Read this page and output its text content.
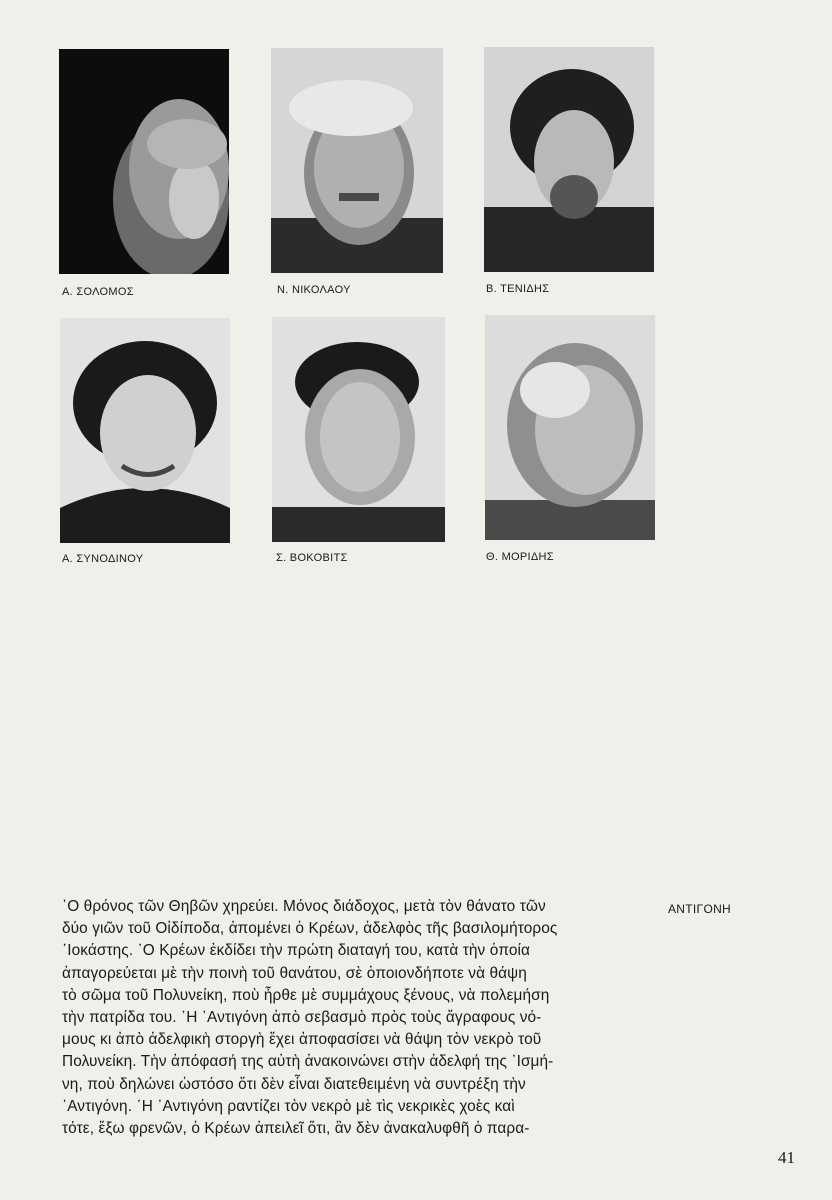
Α. ΣΟΛΟΜΟΣ	Ν. ΝΙΚΟΛΑΟΥ	Β. ΤΕΝΙΔΗΣ
Α. ΣΥΝΟΔΙΝΟΥ	Σ. ΒΟΚΟΒΙΤΣ	Θ. ΜΟΡΙΔΗΣ
῾Ο θρόνος τῶν Θηβῶν χηρεύει. Μόνος διάδοχος, μετὰ τὸν θάνατο τῶν
δύο γιῶν τοῦ Οἰδίποδα, ἀπομένει ὁ Κρέων, ἀδελφὸς τῆς βασιλομήτορος
᾿Ιοκάστης. ῾Ο Κρέων ἐκδίδει τὴν πρώτη διαταγή του, κατὰ τὴν ὁποία
ἀπαγορεύεται μὲ τὴν ποινὴ τοῦ θανάτου, σὲ ὁποιονδήποτε νὰ θάψη
τὸ σῶμα τοῦ Πολυνείκη, ποὺ ἦρθε μὲ συμμάχους ξένους, νὰ πολεμήση
τὴν πατρίδα του. ῾Η ᾿Αντιγόνη ἀπὸ σεβασμὸ πρὸς τοὺς ἄγραφους νό-
μους κι ἀπὸ ἀδελφικὴ στοργὴ ἔχει ἀποφασίσει νὰ θάψη τὸν νεκρὸ τοῦ
Πολυνείκη. Τὴν ἀπόφασή της αὐτὴ ἀνακοινώνει στὴν ἀδελφή της ᾿Ισμή-
νη, ποὺ δηλώνει ὡστόσο ὅτι δὲν εἶναι διατεθειμένη νὰ συντρέξη τὴν
᾿Αντιγόνη. ῾Η ᾿Αντιγόνη ραντίζει τὸν νεκρὸ μὲ τὶς νεκρικὲς χοὲς καὶ
τότε, ἔξω φρενῶν, ὁ Κρέων ἀπειλεῖ ὅτι, ἂν δὲν ἀνακαλυφθῆ ὁ παρα-
ΑΝΤΙΓΟΝΗ
41
